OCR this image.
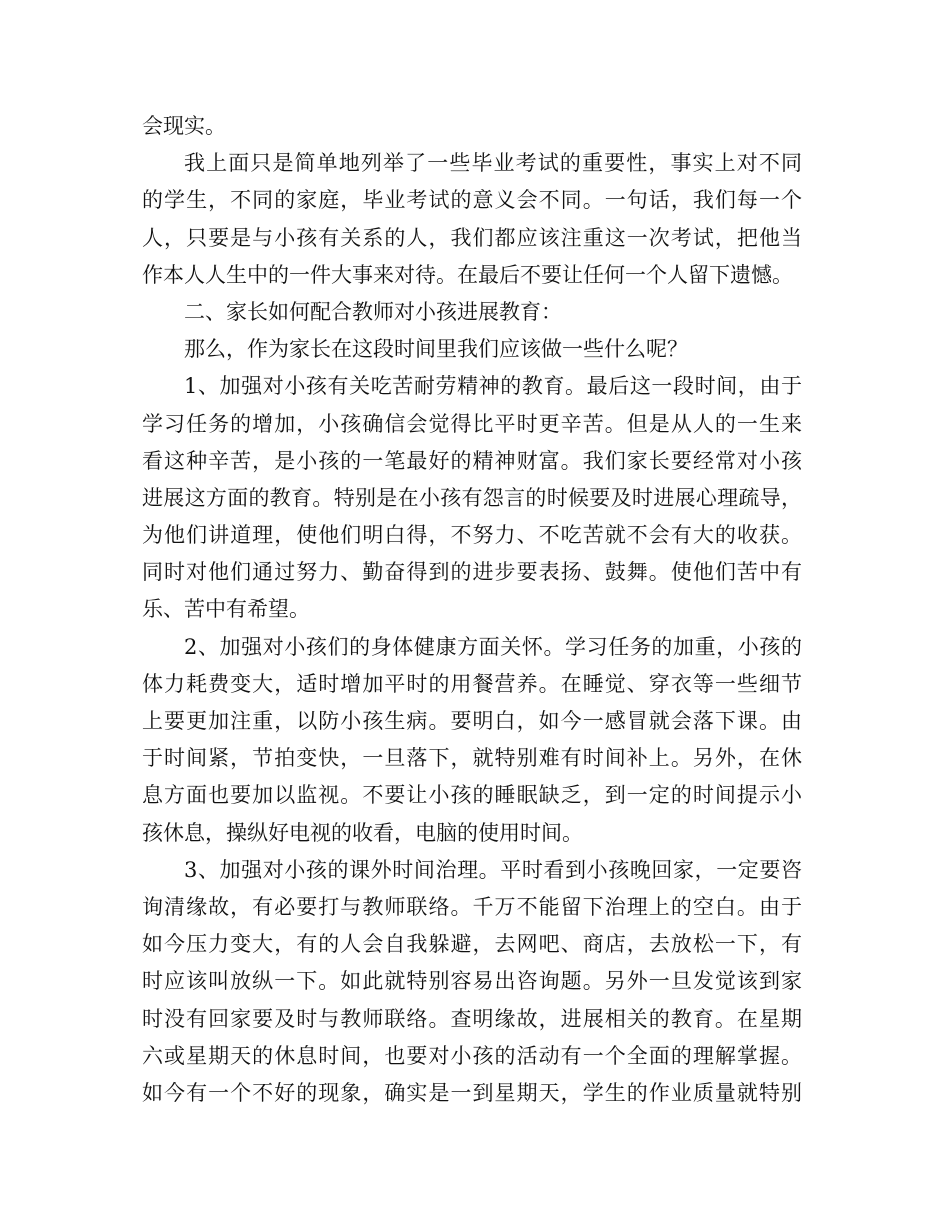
会现实。
我上面只是简单地列举了一些毕业考试的重要性，事实上对不同
的学生，不同的家庭，毕业考试的意义会不同。一句话，我们每一个
人，只要是与小孩有关系的人，我们都应该注重这一次考试，把他当
作本人人生中的一件大事来对待。在最后不要让任何一个人留下遗憾。
二、家长如何配合教师对小孩进展教育：
那么，作为家长在这段时间里我们应该做一些什么呢？
1、加强对小孩有关吃苦耐劳精神的教育。最后这一段时间，由于
学习任务的增加，小孩确信会觉得比平时更辛苦。但是从人的一生来
看这种辛苦，是小孩的一笔最好的精神财富。我们家长要经常对小孩
进展这方面的教育。特别是在小孩有怨言的时候要及时进展心理疏导，
为他们讲道理，使他们明白得，不努力、不吃苦就不会有大的收获。
同时对他们通过努力、勤奋得到的进步要表扬、鼓舞。使他们苦中有
乐、苦中有希望。
2、加强对小孩们的身体健康方面关怀。学习任务的加重，小孩的
体力耗费变大，适时增加平时的用餐营养。在睡觉、穿衣等一些细节
上要更加注重，以防小孩生病。要明白，如今一感冒就会落下课。由
于时间紧，节拍变快，一旦落下，就特别难有时间补上。另外，在休
息方面也要加以监视。不要让小孩的睡眠缺乏，到一定的时间提示小
孩休息，操纵好电视的收看，电脑的使用时间。
3、加强对小孩的课外时间治理。平时看到小孩晚回家，一定要咨
询清缘故，有必要打与教师联络。千万不能留下治理上的空白。由于
如今压力变大，有的人会自我躲避，去网吧、商店，去放松一下，有
时应该叫放纵一下。如此就特别容易出咨询题。另外一旦发觉该到家
时没有回家要及时与教师联络。查明缘故，进展相关的教育。在星期
六或星期天的休息时间，也要对小孩的活动有一个全面的理解掌握。
如今有一个不好的现象，确实是一到星期天，学生的作业质量就特别
